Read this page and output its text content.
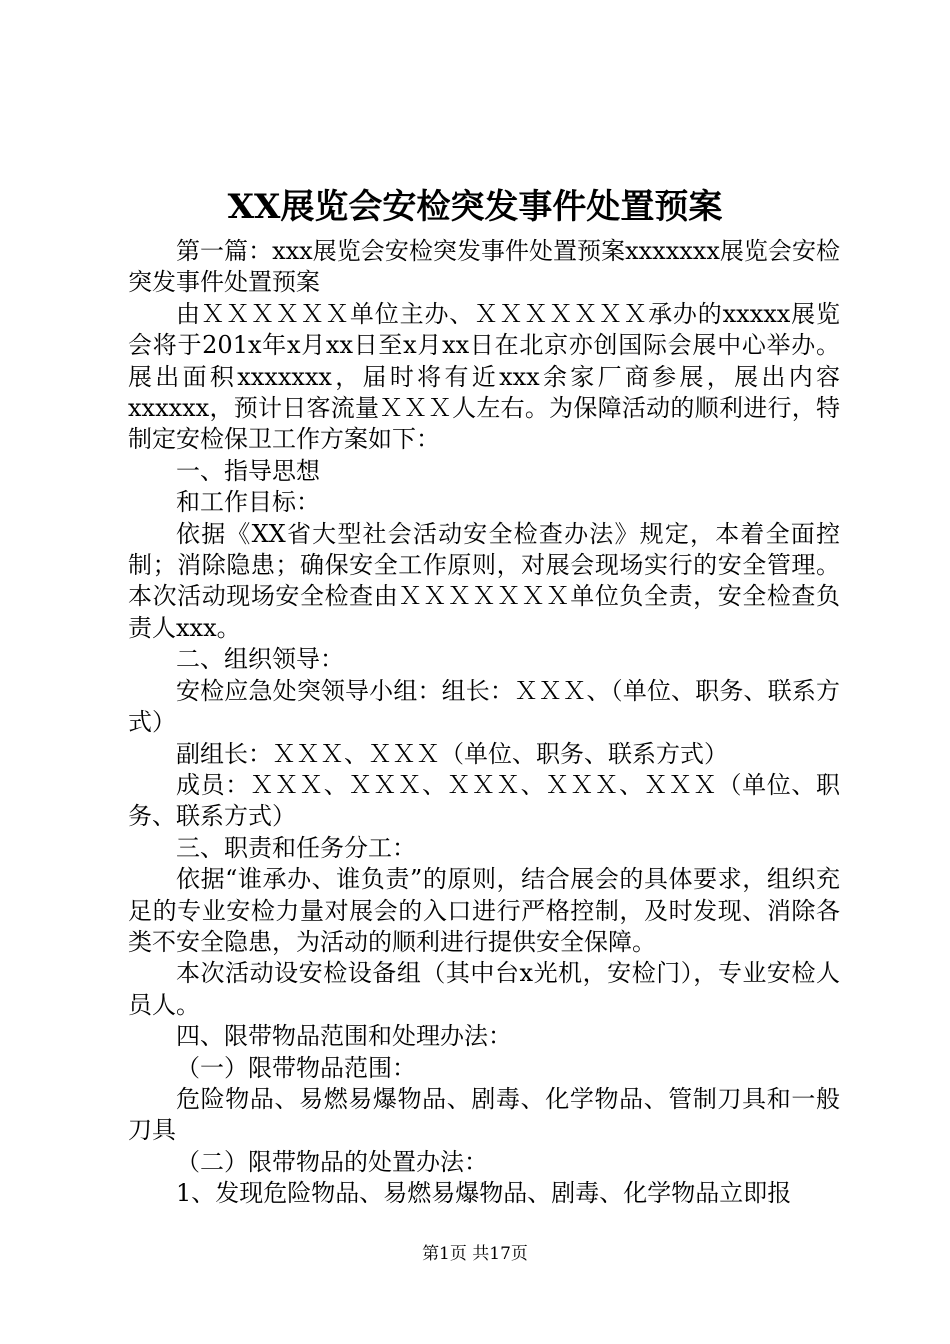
XX展览会安检突发事件处置预案

第一篇：xxx展览会安检突发事件处置预案xxxxxxx展览会安检突发事件处置预案

由ＸＸＸＸＸＸ单位主办、ＸＸＸＸＸＸＸ承办的xxxxx展览会将于201x年x月xx日至x月xx日在北京亦创国际会展中心举办。展出面积xxxxxxx，届时将有近xxx余家厂商参展，展出内容xxxxxx，预计日客流量ＸＸＸ人左右。为保障活动的顺利进行，特制定安检保卫工作方案如下：

一、指导思想

和工作目标：

依据《XX省大型社会活动安全检查办法》规定，本着全面控制；消除隐患；确保安全工作原则，对展会现场实行的安全管理。本次活动现场安全检查由ＸＸＸＸＸＸＸ单位负全责，安全检查负责人xxx。

二、组织领导：

安检应急处突领导小组：组长：ＸＸＸ、（单位、职务、联系方式）

副组长：ＸＸＸ、ＸＸＸ（单位、职务、联系方式）

成员：ＸＸＸ、ＸＸＸ、ＸＸＸ、ＸＸＸ、ＸＸＸ（单位、职务、联系方式）

三、职责和任务分工：

依据“谁承办、谁负责”的原则，结合展会的具体要求，组织充足的专业安检力量对展会的入口进行严格控制，及时发现、消除各类不安全隐患，为活动的顺利进行提供安全保障。

本次活动设安检设备组（其中台x光机，安检门），专业安检人员人。

四、限带物品范围和处理办法：

（一）限带物品范围：

危险物品、易燃易爆物品、剧毒、化学物品、管制刀具和一般刀具

（二）限带物品的处置办法：

1、发现危险物品、易燃易爆物品、剧毒、化学物品立即报

第1页 共17页
